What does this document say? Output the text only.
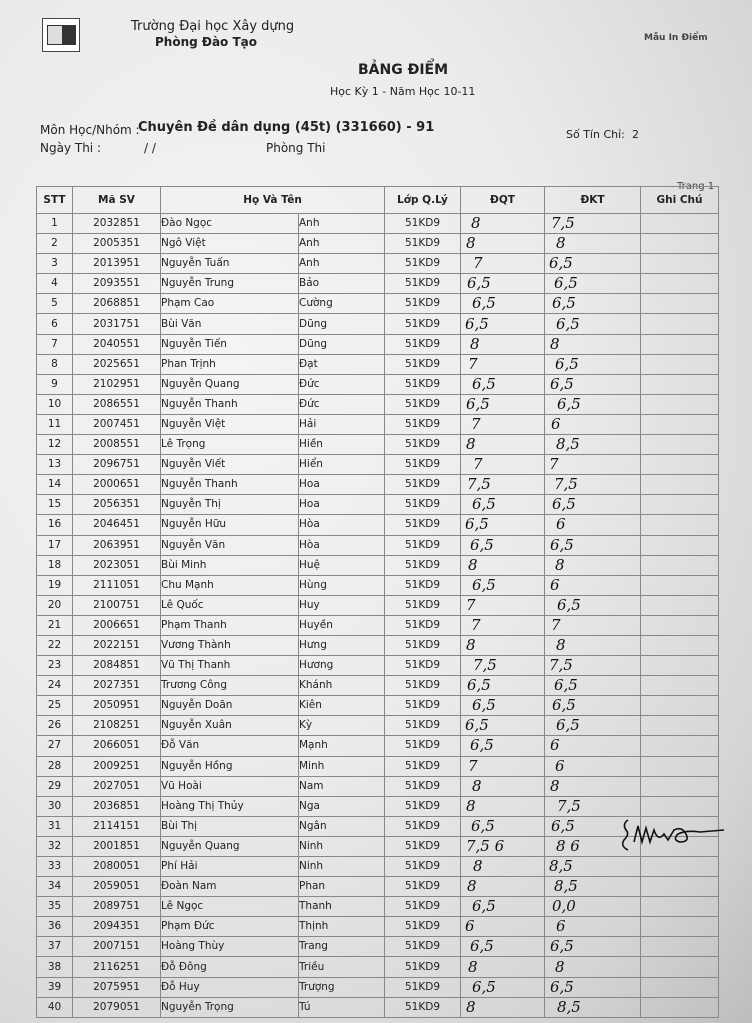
Trường Đại học Xây dựng
Phòng Đào Tạo	Mẫu In Điểm
BẢNG ĐIỂM
Học Kỳ 1 - Năm Học 10-11
Môn Học/Nhóm :
Chuyên Đề dân dụng (45t) (331660) - 91	Số Tín Chỉ: 2
Ngày Thi :	/ /	Phòng Thi
Trang 1
STT	Mã SV	Họ Và Tên		Lớp Q.Lý	ĐQT	ĐKT	Ghi Chú
1	2032851	Đào Ngọc	Anh	51KD9	8	7,5	
2	2005351	Ngô Việt	Anh	51KD9	8	8	
3	2013951	Nguyễn Tuấn	Anh	51KD9	7	6,5	
4	2093551	Nguyễn Trung	Bảo	51KD9	6,5	6,5	
5	2068851	Phạm Cao	Cường	51KD9	6,5	6,5	
6	2031751	Bùi Văn	Dũng	51KD9	6,5	6,5	
7	2040551	Nguyễn Tiến	Dũng	51KD9	8	8	
8	2025651	Phan Trịnh	Đạt	51KD9	7	6,5	
9	2102951	Nguyễn Quang	Đức	51KD9	6,5	6,5	
10	2086551	Nguyễn Thanh	Đức	51KD9	6,5	6,5	
11	2007451	Nguyễn Việt	Hải	51KD9	7	6	
12	2008551	Lê Trọng	Hiền	51KD9	8	8,5	
13	2096751	Nguyễn Viết	Hiển	51KD9	7	7	
14	2000651	Nguyễn Thanh	Hoa	51KD9	7,5	7,5	
15	2056351	Nguyễn Thị	Hoa	51KD9	6,5	6,5	
16	2046451	Nguyễn Hữu	Hòa	51KD9	6,5	6	
17	2063951	Nguyễn Văn	Hòa	51KD9	6,5	6,5	
18	2023051	Bùi Minh	Huệ	51KD9	8	8	
19	2111051	Chu Mạnh	Hùng	51KD9	6,5	6	
20	2100751	Lê Quốc	Huy	51KD9	7	6,5	
21	2006651	Phạm Thanh	Huyền	51KD9	7	7	
22	2022151	Vương Thành	Hưng	51KD9	8	8	
23	2084851	Vũ Thị Thanh	Hương	51KD9	7,5	7,5	
24	2027351	Trương Công	Khánh	51KD9	6,5	6,5	
25	2050951	Nguyễn Doãn	Kiên	51KD9	6,5	6,5	
26	2108251	Nguyễn Xuân	Kỳ	51KD9	6,5	6,5	
27	2066051	Đỗ Văn	Mạnh	51KD9	6,5	6	
28	2009251	Nguyễn Hồng	Minh	51KD9	7	6	
29	2027051	Vũ Hoài	Nam	51KD9	8	8	
30	2036851	Hoàng Thị Thủy	Nga	51KD9	8	7,5	
31	2114151	Bùi Thị	Ngân	51KD9	6,5	6,5	
32	2001851	Nguyễn Quang	Ninh	51KD9	7,5 6	8 6	
33	2080051	Phí Hải	Ninh	51KD9	8	8,5	
34	2059051	Đoàn Nam	Phan	51KD9	8	8,5	
35	2089751	Lê Ngọc	Thanh	51KD9	6,5	0,0	
36	2094351	Phạm Đức	Thịnh	51KD9	6	6	
37	2007151	Hoàng Thùy	Trang	51KD9	6,5	6,5	
38	2116251	Đỗ Đông	Triều	51KD9	8	8	
39	2075951	Đỗ Huy	Trượng	51KD9	6,5	6,5	
40	2079051	Nguyễn Trọng	Tú	51KD9	8	8,5	
